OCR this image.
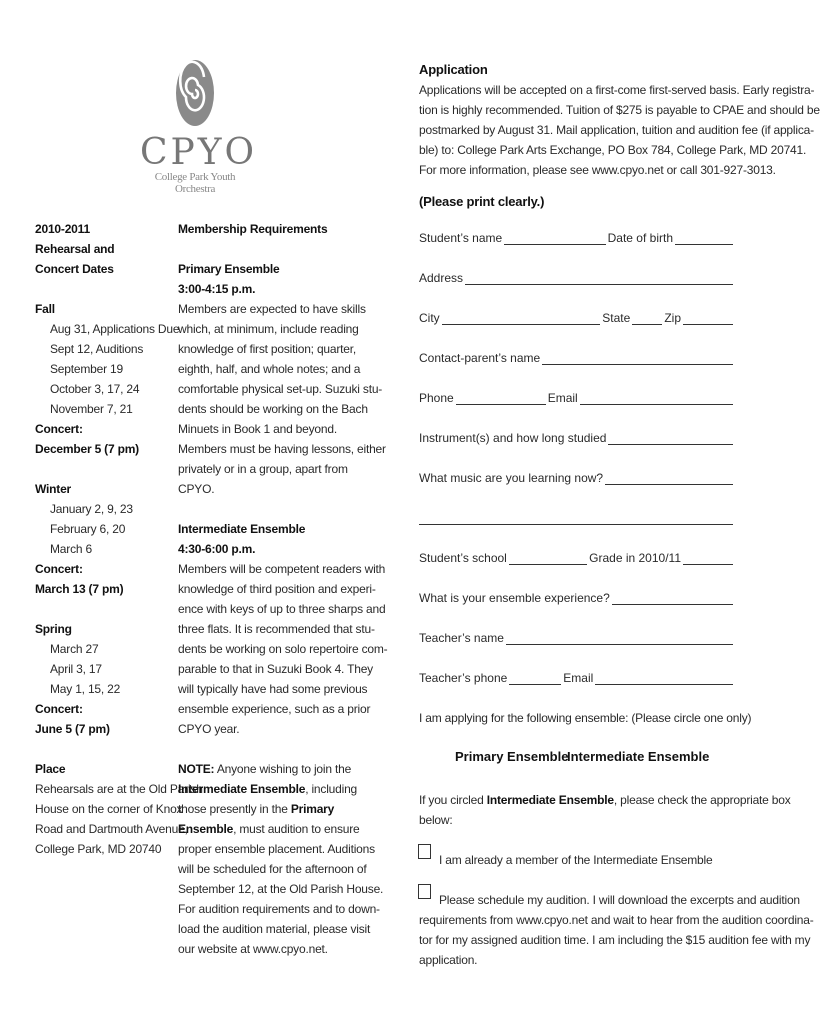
CPYO
College Park Youth Orchestra
2010-2011
Rehearsal and
Concert Dates
Fall
Aug 31, Applications Due
Sept 12, Auditions
September 19
October 3, 17, 24
November 7, 21
Concert:
December 5 (7 pm)
Winter
January 2, 9, 23
February 6, 20
March 6
Concert:
March 13 (7 pm)
Spring
March 27
April 3, 17
May 1, 15, 22
Concert:
June 5 (7 pm)
Place
Rehearsals are at the Old Parish
House on the corner of Knox
Road and Dartmouth Avenue,
College Park, MD 20740
Membership Requirements
Primary Ensemble
3:00-4:15 p.m.
Members are expected to have skills
which, at minimum, include reading
knowledge of first position; quarter,
eighth, half, and whole notes; and a
comfortable physical set-up. Suzuki stu-
dents should be working on the Bach
Minuets in Book 1 and beyond.
Members must be having lessons, either
privately or in a group, apart from
CPYO.
Intermediate Ensemble
4:30-6:00 p.m.
Members will be competent readers with
knowledge of third position and experi-
ence with keys of up to three sharps and
three flats. It is recommended that stu-
dents be working on solo repertoire com-
parable to that in Suzuki Book 4. They
will typically have had some previous
ensemble experience, such as a prior
CPYO year.
NOTE: Anyone wishing to join the
Intermediate Ensemble, including
those presently in the Primary
Ensemble, must audition to ensure
proper ensemble placement. Auditions
will be scheduled for the afternoon of
September 12, at the Old Parish House.
For audition requirements and to down-
load the audition material, please visit
our website at www.cpyo.net.
Application
Applications will be accepted on a first-come first-served basis. Early registra-
tion is highly recommended. Tuition of $275 is payable to CPAE and should be
postmarked by August 31. Mail application, tuition and audition fee (if applica-
ble) to: College Park Arts Exchange, PO Box 784, College Park, MD 20741.
For more information, please see www.cpyo.net or call 301-927-3013.
(Please print clearly.)
Student’s name	Date of birth
Address
City	State	Zip
Contact-parent’s name
Phone	Email
Instrument(s) and how long studied
What music are you learning now?
Student’s school	Grade in 2010/11
What is your ensemble experience?
Teacher’s name
Teacher’s phone	Email
I am applying for the following ensemble: (Please circle one only)
Primary Ensemble
Intermediate Ensemble
If you circled Intermediate Ensemble, please check the appropriate box
below:
I am already a member of the Intermediate Ensemble
Please schedule my audition. I will download the excerpts and audition
requirements from www.cpyo.net and wait to hear from the audition coordina-
tor for my assigned audition time. I am including the $15 audition fee with my
application.
